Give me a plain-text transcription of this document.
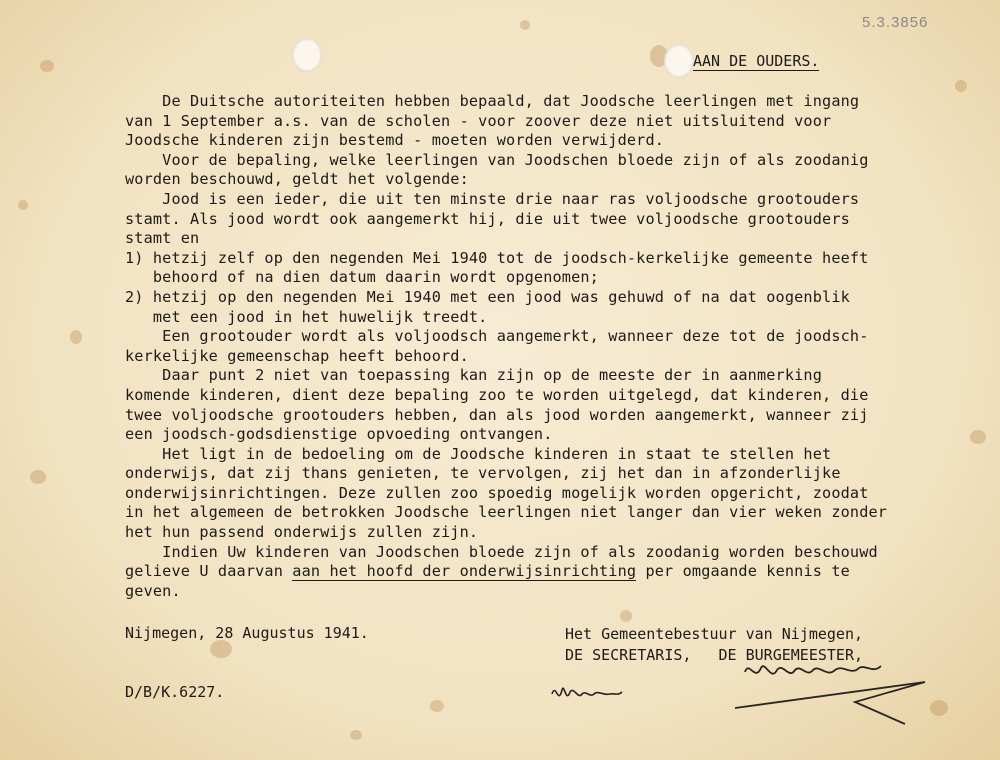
5.3.3856
AAN DE OUDERS.
De Duitsche autoriteiten hebben bepaald, dat Joodsche leerlingen met ingang
van 1 September a.s. van de scholen - voor zoover deze niet uitsluitend voor
Joodsche kinderen zijn bestemd - moeten worden verwijderd.
Voor de bepaling, welke leerlingen van Joodschen bloede zijn of als zoodanig
worden beschouwd, geldt het volgende:
Jood is een ieder, die uit ten minste drie naar ras voljoodsche grootouders
stamt. Als jood wordt ook aangemerkt hij, die uit twee voljoodsche grootouders
stamt en
1) hetzij zelf op den negenden Mei 1940 tot de joodsch-kerkelijke gemeente heeft
behoord of na dien datum daarin wordt opgenomen;
2) hetzij op den negenden Mei 1940 met een jood was gehuwd of na dat oogenblik
met een jood in het huwelijk treedt.
Een grootouder wordt als voljoodsch aangemerkt, wanneer deze tot de joodsch-
kerkelijke gemeenschap heeft behoord.
Daar punt 2 niet van toepassing kan zijn op de meeste der in aanmerking
komende kinderen, dient deze bepaling zoo te worden uitgelegd, dat kinderen, die
twee voljoodsche grootouders hebben, dan als jood worden aangemerkt, wanneer zij
een joodsch-godsdienstige opvoeding ontvangen.
Het ligt in de bedoeling om de Joodsche kinderen in staat te stellen het
onderwijs, dat zij thans genieten, te vervolgen, zij het dan in afzonderlijke
onderwijsinrichtingen. Deze zullen zoo spoedig mogelijk worden opgericht, zoodat
in het algemeen de betrokken Joodsche leerlingen niet langer dan vier weken zonder
het hun passend onderwijs zullen zijn.
Indien Uw kinderen van Joodschen bloede zijn of als zoodanig worden beschouwd
gelieve U daarvan aan het hoofd der onderwijsinrichting per omgaande kennis te
geven.
Nijmegen, 28 Augustus 1941.	Het Gemeentebestuur van Nijmegen,
DE SECRETARIS, DE BURGEMEESTER,
D/B/K.6227.
